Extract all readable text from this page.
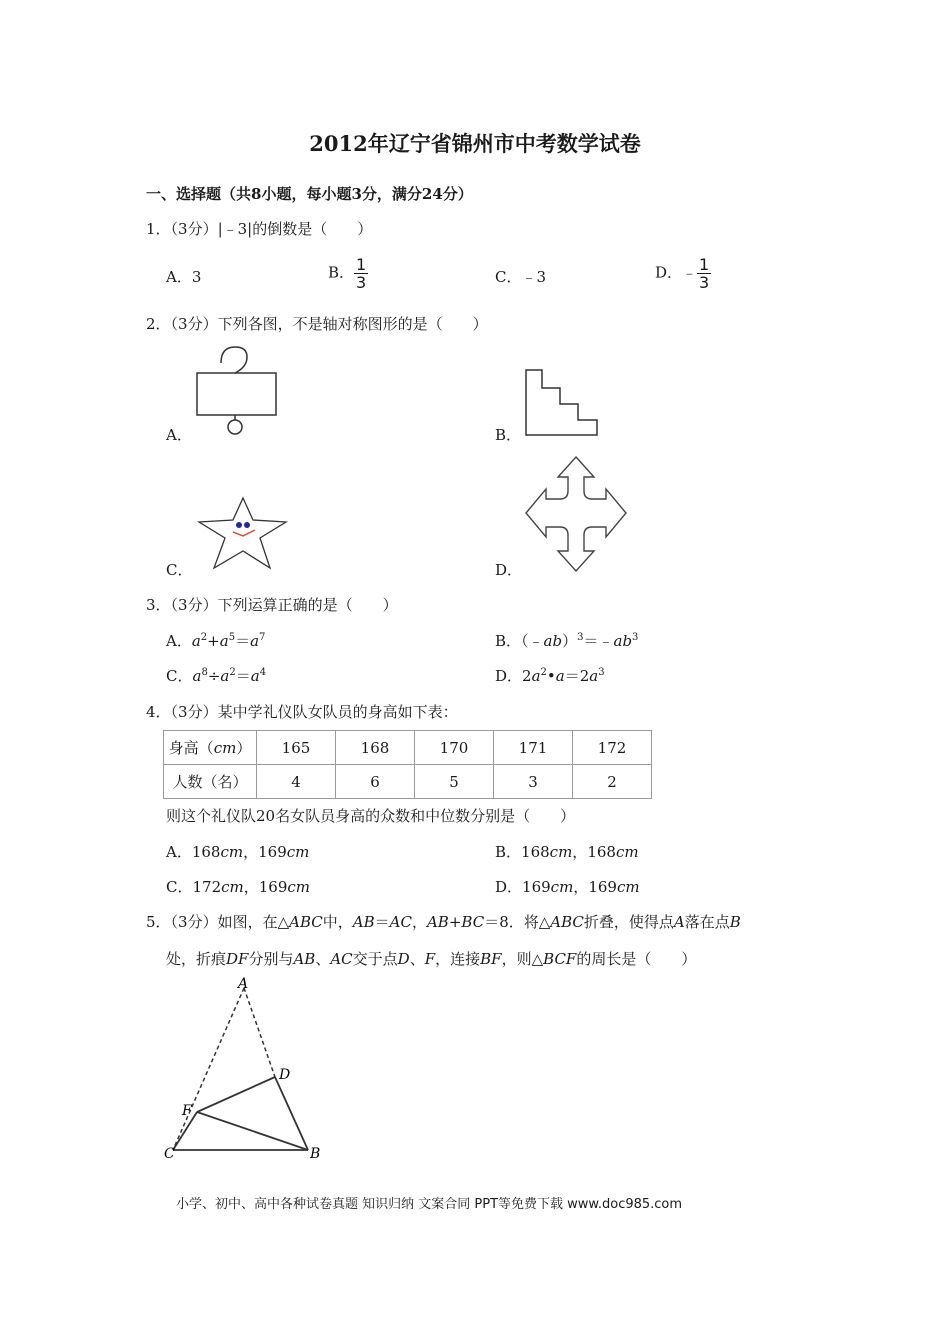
2012年辽宁省锦州市中考数学试卷
一、选择题（共8小题，每小题3分，满分24分）
1．（3分）|﹣3|的倒数是（　　）
A．3	B． $\frac{1}{3}$	C．﹣3	D．﹣ $\frac{1}{3}$
2．（3分）下列各图，不是轴对称图形的是（　　）
A．	B．
C．	D．
3．（3分）下列运算正确的是（　　）
A．$a^2+a^5=a^7$	B．$(﹣ab)^3=﹣ab^3$
C．$a^8\div a^2=a^4$	D．$2a^2•a=2a^3$
4．（3分）某中学礼仪队女队员的身高如下表：
身高（cm）	165	168	170	171	172
人数（名）	4	6	5	3	2
则这个礼仪队20名女队员身高的众数和中位数分别是（　　）
A．168cm，169cm	B．168cm，168cm
C．172cm，169cm	D．169cm，169cm
5．（3分）如图，在△ABC中，AB＝AC，AB+BC＝8．将△ABC折叠，使得点A落在点B
处，折痕DF分别与AB、AC交于点D、F，连接BF，则△BCF的周长是（　　）
A
D
F
C	B
小学、初中、高中各种试卷真题 知识归纳 文案合同 PPT等免费下载 www.doc985.com
